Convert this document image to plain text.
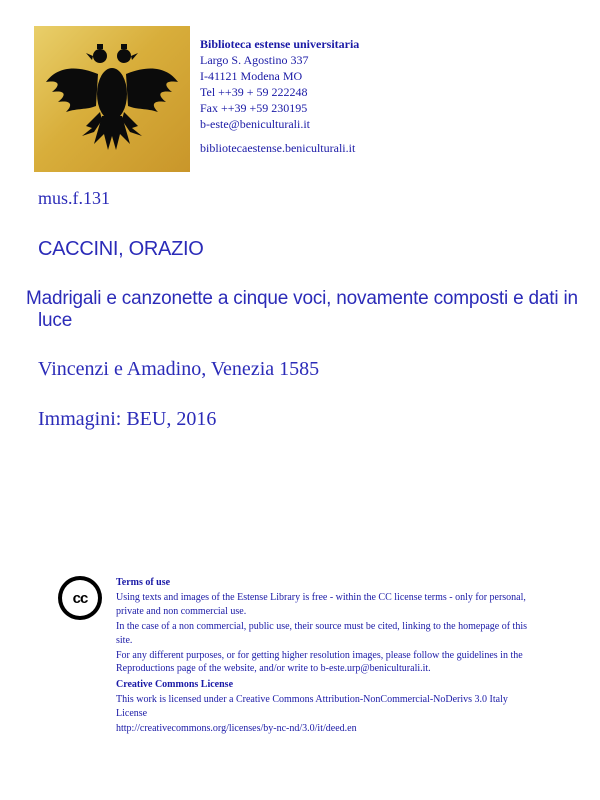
Biblioteca estense universitaria
Largo S. Agostino 337
I-41121 Modena MO
Tel ++39 + 59 222248
Fax ++39 +59 230195
b-este@beniculturali.it
bibliotecaestense.beniculturali.it
mus.f.131
CACCINI, ORAZIO
Madrigali e canzonette a cinque voci, novamente composti e dati in luce
Vincenzi e Amadino, Venezia 1585
Immagini: BEU, 2016
cc

Terms of use

Using texts and images of the Estense Library is free - within the CC license terms - only for personal, private and non commercial use.

In the case of a non commercial, public use, their source must be cited, linking to the homepage of this site.

For any different purposes, or for getting higher resolution images, please follow the guidelines in the Reproductions page of the website, and/or write to b-este.urp@beniculturali.it.

Creative Commons License

This work is licensed under a Creative Commons Attribution-NonCommercial-NoDerivs 3.0 Italy License

http://creativecommons.org/licenses/by-nc-nd/3.0/it/deed.en
